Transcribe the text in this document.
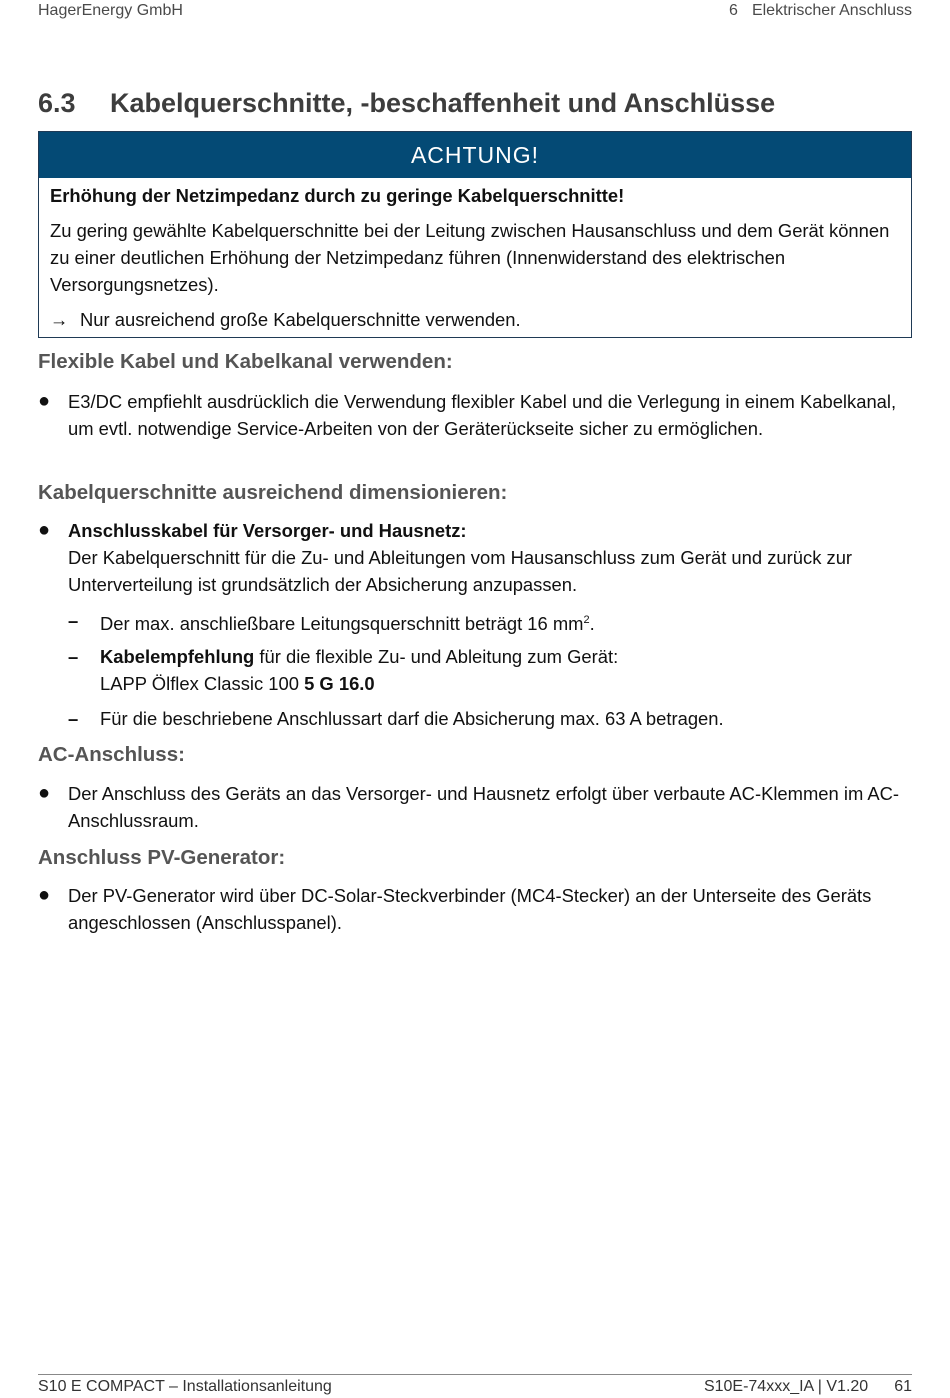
HagerEnergy GmbH	6 Elektrischer Anschluss
6.3 Kabelquerschnitte, -beschaffenheit und Anschlüsse
ACHTUNG!
Erhöhung der Netzimpedanz durch zu geringe Kabelquerschnitte!

Zu gering gewählte Kabelquerschnitte bei der Leitung zwischen Hausanschluss und dem Gerät können zu einer deutlichen Erhöhung der Netzimpedanz führen (Innenwiderstand des elektrischen Versorgungsnetzes).

→ Nur ausreichend große Kabelquerschnitte verwenden.
Flexible Kabel und Kabelkanal verwenden:
● E3/DC empfiehlt ausdrücklich die Verwendung flexibler Kabel und die Verlegung in einem Kabelkanal, um evtl. notwendige Service-Arbeiten von der Geräterückseite sicher zu ermöglichen.
Kabelquerschnitte ausreichend dimensionieren:
● Anschlusskabel für Versorger- und Hausnetz:
Der Kabelquerschnitt für die Zu- und Ableitungen vom Hausanschluss zum Gerät und zurück zur Unterverteilung ist grundsätzlich der Absicherung anzupassen.
– Der max. anschließbare Leitungsquerschnitt beträgt 16 $mm^2$.
– Kabelempfehlung für die flexible Zu- und Ableitung zum Gerät:
LAPP Ölflex Classic 100 5 G 16.0
– Für die beschriebene Anschlussart darf die Absicherung max. 63 A betragen.
AC-Anschluss:
● Der Anschluss des Geräts an das Versorger- und Hausnetz erfolgt über verbaute AC-Klemmen im AC-Anschlussraum.
Anschluss PV-Generator:
● Der PV-Generator wird über DC-Solar-Steckverbinder (MC4-Stecker) an der Unterseite des Geräts angeschlossen (Anschlusspanel).
S10 E COMPACT – Installationsanleitung	S10E-74xxx_IA | V1.20 61
